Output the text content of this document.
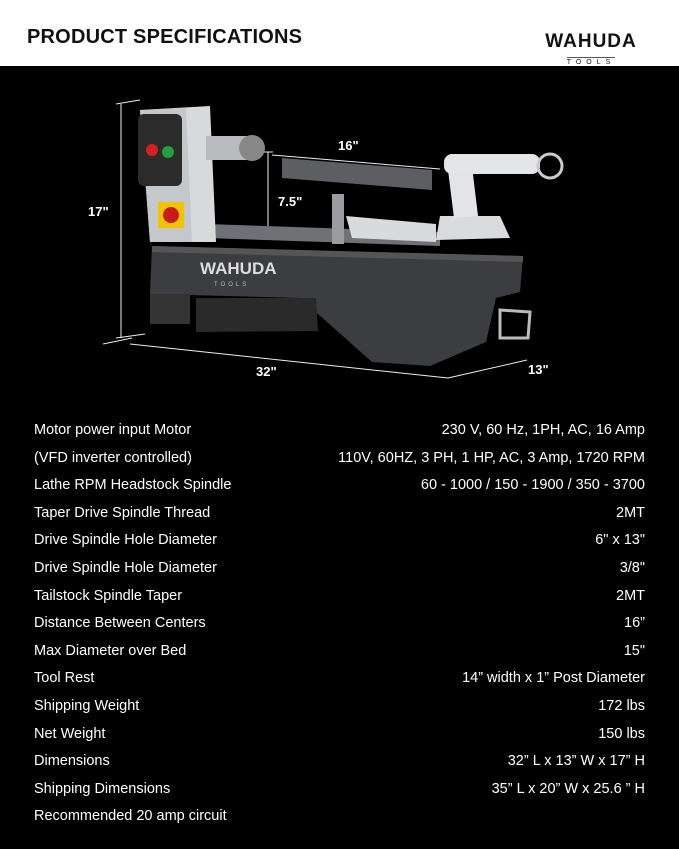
PRODUCT SPECIFICATIONS	WAHUDA
TOOLS
WAHUDA
TOOLS
17"
7.5"
16"
32"	13"
Motor power input Motor	230 V, 60 Hz, 1PH, AC, 16 Amp
(VFD inverter controlled)	110V, 60HZ, 3 PH, 1 HP, AC, 3 Amp, 1720 RPM
Lathe RPM Headstock Spindle	60 - 1000 / 150 - 1900 / 350 - 3700
Taper Drive Spindle Thread	2MT
Drive Spindle Hole Diameter	6" x 13"
Drive Spindle Hole Diameter	3/8"
Tailstock Spindle Taper	2MT
Distance Between Centers	16”
Max Diameter over Bed	15"
Tool Rest	14” width x 1” Post Diameter
Shipping Weight	172 lbs
Net Weight	150 lbs
Dimensions	32” L x 13” W x 17” H
Shipping Dimensions	35” L x 20” W x 25.6 ” H
Recommended 20 amp circuit
